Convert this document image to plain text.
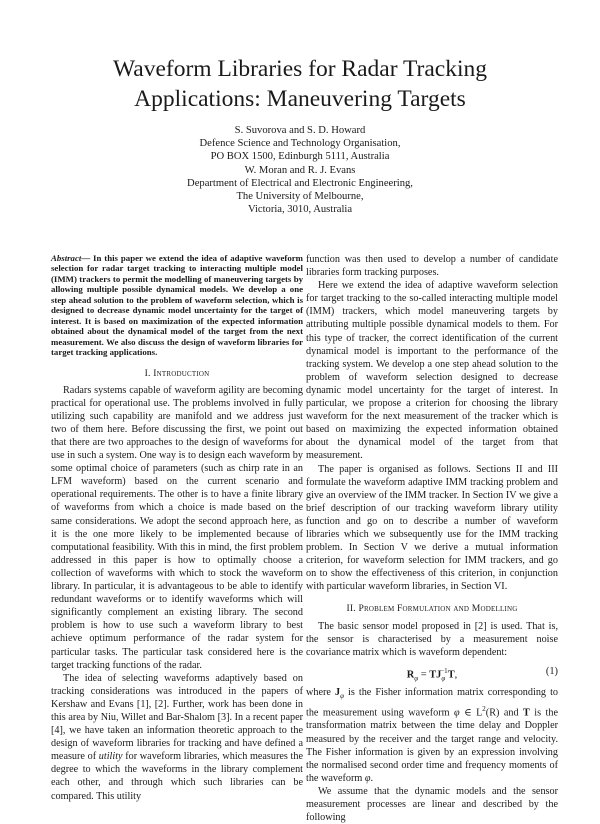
Waveform Libraries for Radar Tracking
Applications: Maneuvering Targets
S. Suvorova and S. D. Howard
Defence Science and Technology Organisation,
PO BOX 1500, Edinburgh 5111, Australia
W. Moran and R. J. Evans
Department of Electrical and Electronic Engineering,
The University of Melbourne,
Victoria, 3010, Australia

Abstract— In this paper we extend the idea of adaptive waveform selection for radar target tracking to interacting multiple model (IMM) trackers to permit the modelling of maneuvering targets by allowing multiple possible dynamical models. We develop a one step ahead solution to the problem of waveform selection, which is designed to decrease dynamic model uncertainty for the target of interest. It is based on maximization of the expected information obtained about the dynamical model of the target from the next measurement. We also discuss the design of waveform libraries for target tracking applications.

I. Introduction

Radars systems capable of waveform agility are becoming practical for operational use. The problems involved in fully utilizing such capability are manifold and we address just two of them here. Before discussing the first, we point out that there are two approaches to the design of waveforms for use in such a system. One way is to design each waveform by some optimal choice of parameters (such as chirp rate in an LFM waveform) based on the current scenario and operational requirements. The other is to have a finite library of waveforms from which a choice is made based on the same considerations. We adopt the second approach here, as it is the one more likely to be implemented because of computational feasibility. With this in mind, the first problem addressed in this paper is how to optimally choose a collection of waveforms with which to stock the waveform library. In particular, it is advantageous to be able to identify redundant waveforms or to identify waveforms which will significantly complement an existing library. The second problem is how to use such a waveform library to best achieve optimum performance of the radar system for particular tasks. The particular task considered here is the target tracking functions of the radar.

The idea of selecting waveforms adaptively based on tracking considerations was introduced in the papers of Kershaw and Evans [1], [2]. Further, work has been done in this area by Niu, Willet and Bar-Shalom [3]. In a recent paper [4], we have taken an information theoretic approach to the design of waveform libraries for tracking and have defined a measure of utility for waveform libraries, which measures the degree to which the waveforms in the library complement each other, and through which such libraries can be compared. This utility

function was then used to develop a number of candidate libraries form tracking purposes.

Here we extend the idea of adaptive waveform selection for target tracking to the so-called interacting multiple model (IMM) trackers, which model maneuvering targets by attributing multiple possible dynamical models to them. For this type of tracker, the correct identification of the current dynamical model is important to the performance of the tracking system. We develop a one step ahead solution to the problem of waveform selection designed to decrease dynamic model uncertainty for the target of interest. In particular, we propose a criterion for choosing the library waveform for the next measurement of the tracker which is based on maximizing the expected information obtained about the dynamical model of the target from that measurement.

The paper is organised as follows. Sections II and III formulate the waveform adaptive IMM tracking problem and give an overview of the IMM tracker. In Section IV we give a brief description of our tracking waveform library utility function and go on to describe a number of waveform libraries which we subsequently use for the IMM tracking problem. In Section V we derive a mutual information criterion, for waveform selection for IMM trackers, and go on to show the effectiveness of this criterion, in conjunction with particular waveform libraries, in Section VI.

II. Problem Formulation and Modelling

The basic sensor model proposed in [2] is used. That is, the sensor is characterised by a measurement noise covariance matrix which is waveform dependent:

$R_\varphi = TJ_\varphi^{-1}T$,	(1)

where $J_\varphi$ is the Fisher information matrix corresponding to the measurement using waveform φ ∈ $L^2(R)$ and T is the transformation matrix between the time delay and Doppler measured by the receiver and the target range and velocity. The Fisher information is given by an expression involving the normalised second order time and frequency moments of the waveform φ.

We assume that the dynamic models and the sensor measurement processes are linear and described by the following
